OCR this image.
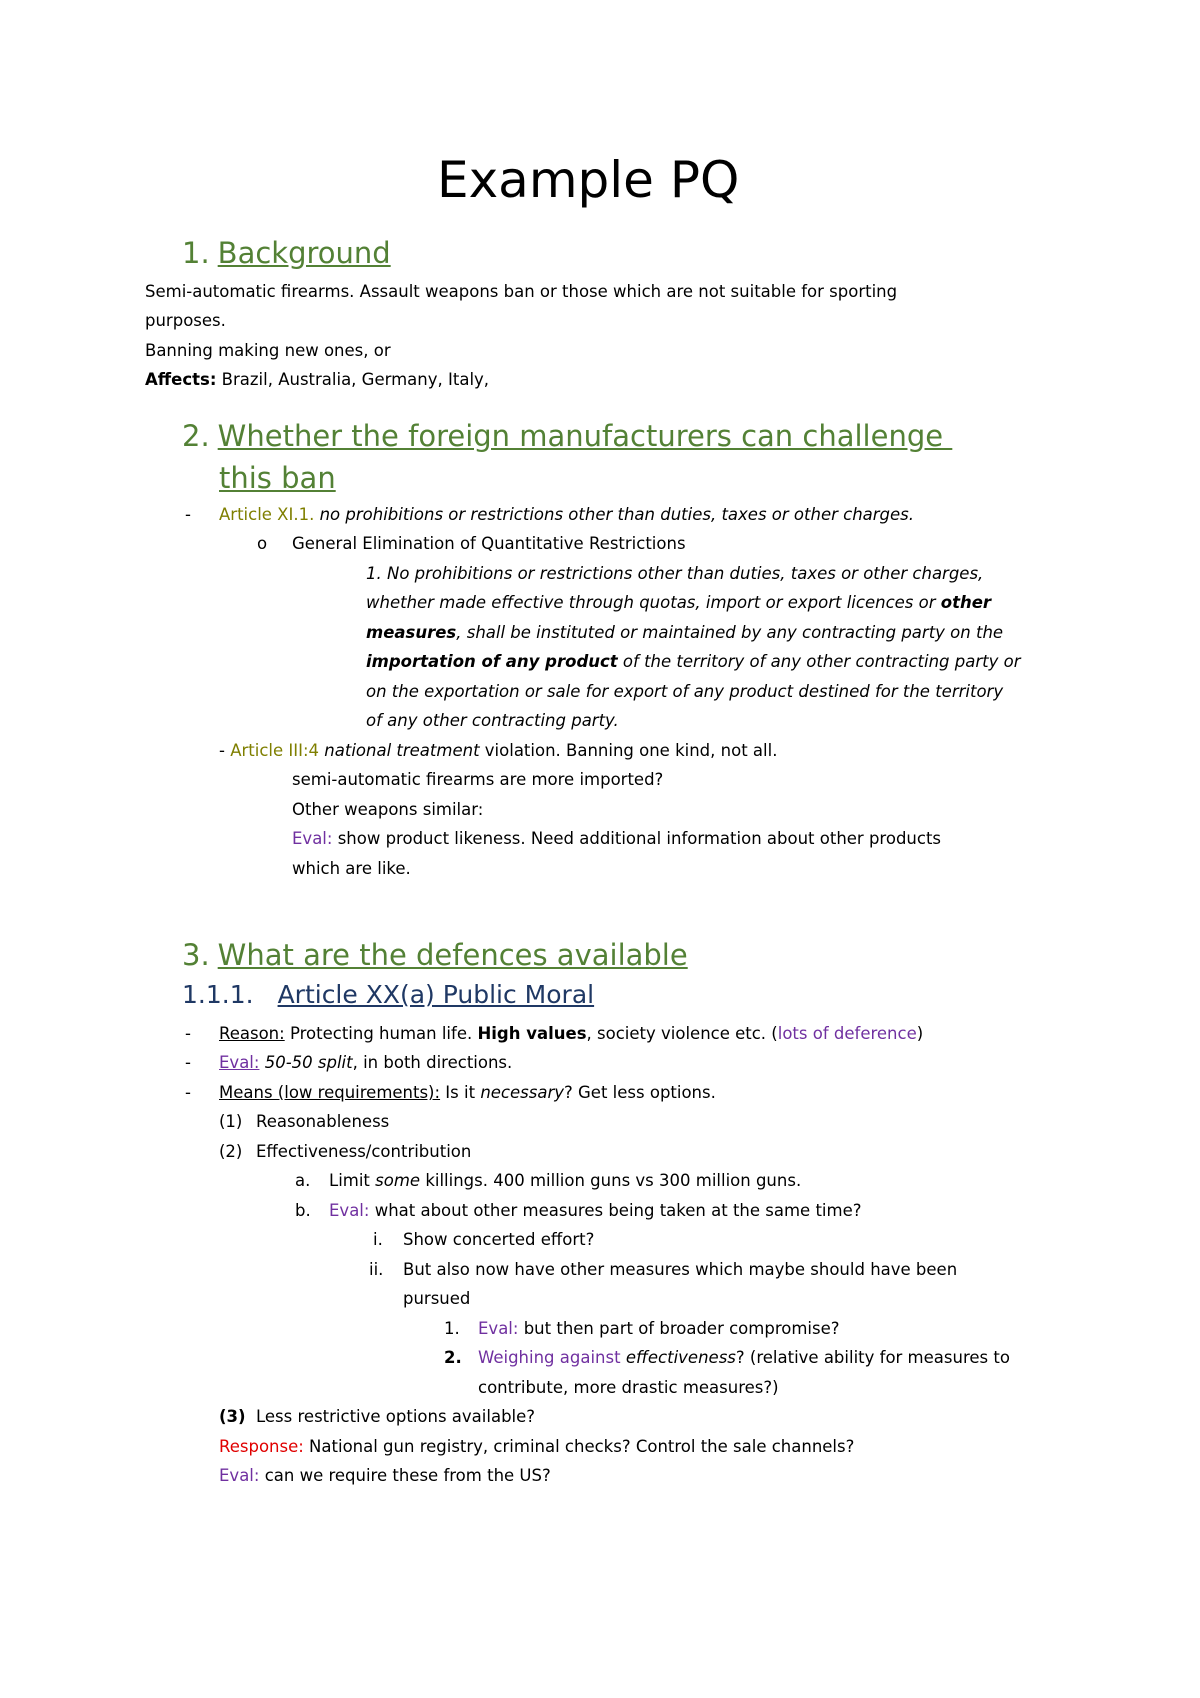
Example PQ
1. Background
Semi-automatic firearms. Assault weapons ban or those which are not suitable for sporting
purposes.
Banning making new ones, or
Affects: Brazil, Australia, Germany, Italy,
2. Whether the foreign manufacturers can challenge
this ban
- Article XI.1. no prohibitions or restrictions other than duties, taxes or other charges.
o General Elimination of Quantitative Restrictions
1. No prohibitions or restrictions other than duties, taxes or other charges,
whether made effective through quotas, import or export licences or other
measures, shall be instituted or maintained by any contracting party on the
importation of any product of the territory of any other contracting party or
on the exportation or sale for export of any product destined for the territory
of any other contracting party.
- Article III:4 national treatment violation. Banning one kind, not all.
semi-automatic firearms are more imported?
Other weapons similar:
Eval: show product likeness. Need additional information about other products
which are like.
3. What are the defences available
1.1.1. Article XX(a) Public Moral
- Reason: Protecting human life. High values, society violence etc. (lots of deference)
- Eval: 50-50 split, in both directions.
- Means (low requirements): Is it necessary? Get less options.
(1) Reasonableness
(2) Effectiveness/contribution
a. Limit some killings. 400 million guns vs 300 million guns.
b. Eval: what about other measures being taken at the same time?
i. Show concerted effort?
ii. But also now have other measures which maybe should have been
pursued
1. Eval: but then part of broader compromise?
2. Weighing against effectiveness? (relative ability for measures to
contribute, more drastic measures?)
(3) Less restrictive options available?
Response: National gun registry, criminal checks? Control the sale channels?
Eval: can we require these from the US?
